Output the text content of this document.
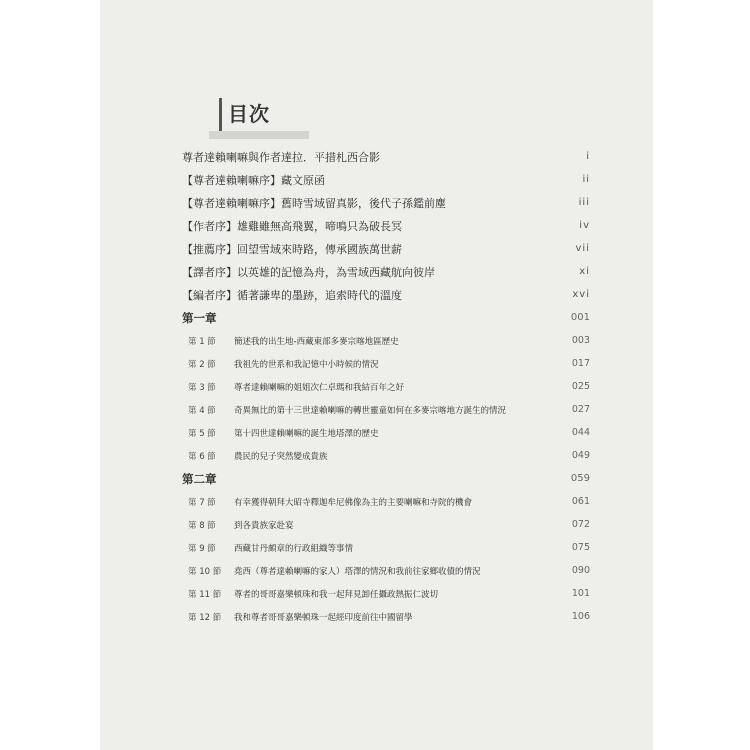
目次
尊者達賴喇嘛與作者達拉．平措札西合影	i
【尊者達賴喇嘛序】藏文原函	ii
【尊者達賴喇嘛序】舊時雪域留真影，後代子孫鑑前塵	iii
【作者序】雄雞雖無高飛翼，啼鳴只為破長冥	iv
【推薦序】回望雪域來時路，傳承國族萬世薪	vii
【譯者序】以英雄的記憶為舟，為雪域西藏航向彼岸	xi
【編者序】循著謙卑的墨跡，追索時代的溫度	xvi
第一章	001
第 1 節	簡述我的出生地-西藏東部多麥宗喀地區歷史	003
第 2 節	我祖先的世系和我記憶中小時候的情況	017
第 3 節	尊者達賴喇嘛的姐姐次仁卓瑪和我結百年之好	025
第 4 節	奇異無比的第十三世達賴喇嘛的轉世靈童如何在多麥宗喀地方誕生的情況	027
第 5 節	第十四世達賴喇嘛的誕生地塔澤的歷史	044
第 6 節	農民的兒子突然變成貴族	049
第二章	059
第 7 節	有幸獲得朝拜大昭寺釋迦牟尼佛像為主的主要喇嘛和寺院的機會	061
第 8 節	到各貴族家赴宴	072
第 9 節	西藏甘丹頗章的行政組織等事情	075
第 10 節	堯西（尊者達賴喇嘛的家人）塔澤的情況和我前往家鄉收債的情況	090
第 11 節	尊者的哥哥嘉樂頓珠和我一起拜見卸任攝政熱振仁波切	101
第 12 節	我和尊者哥哥嘉樂頓珠一起經印度前往中國留學	106
